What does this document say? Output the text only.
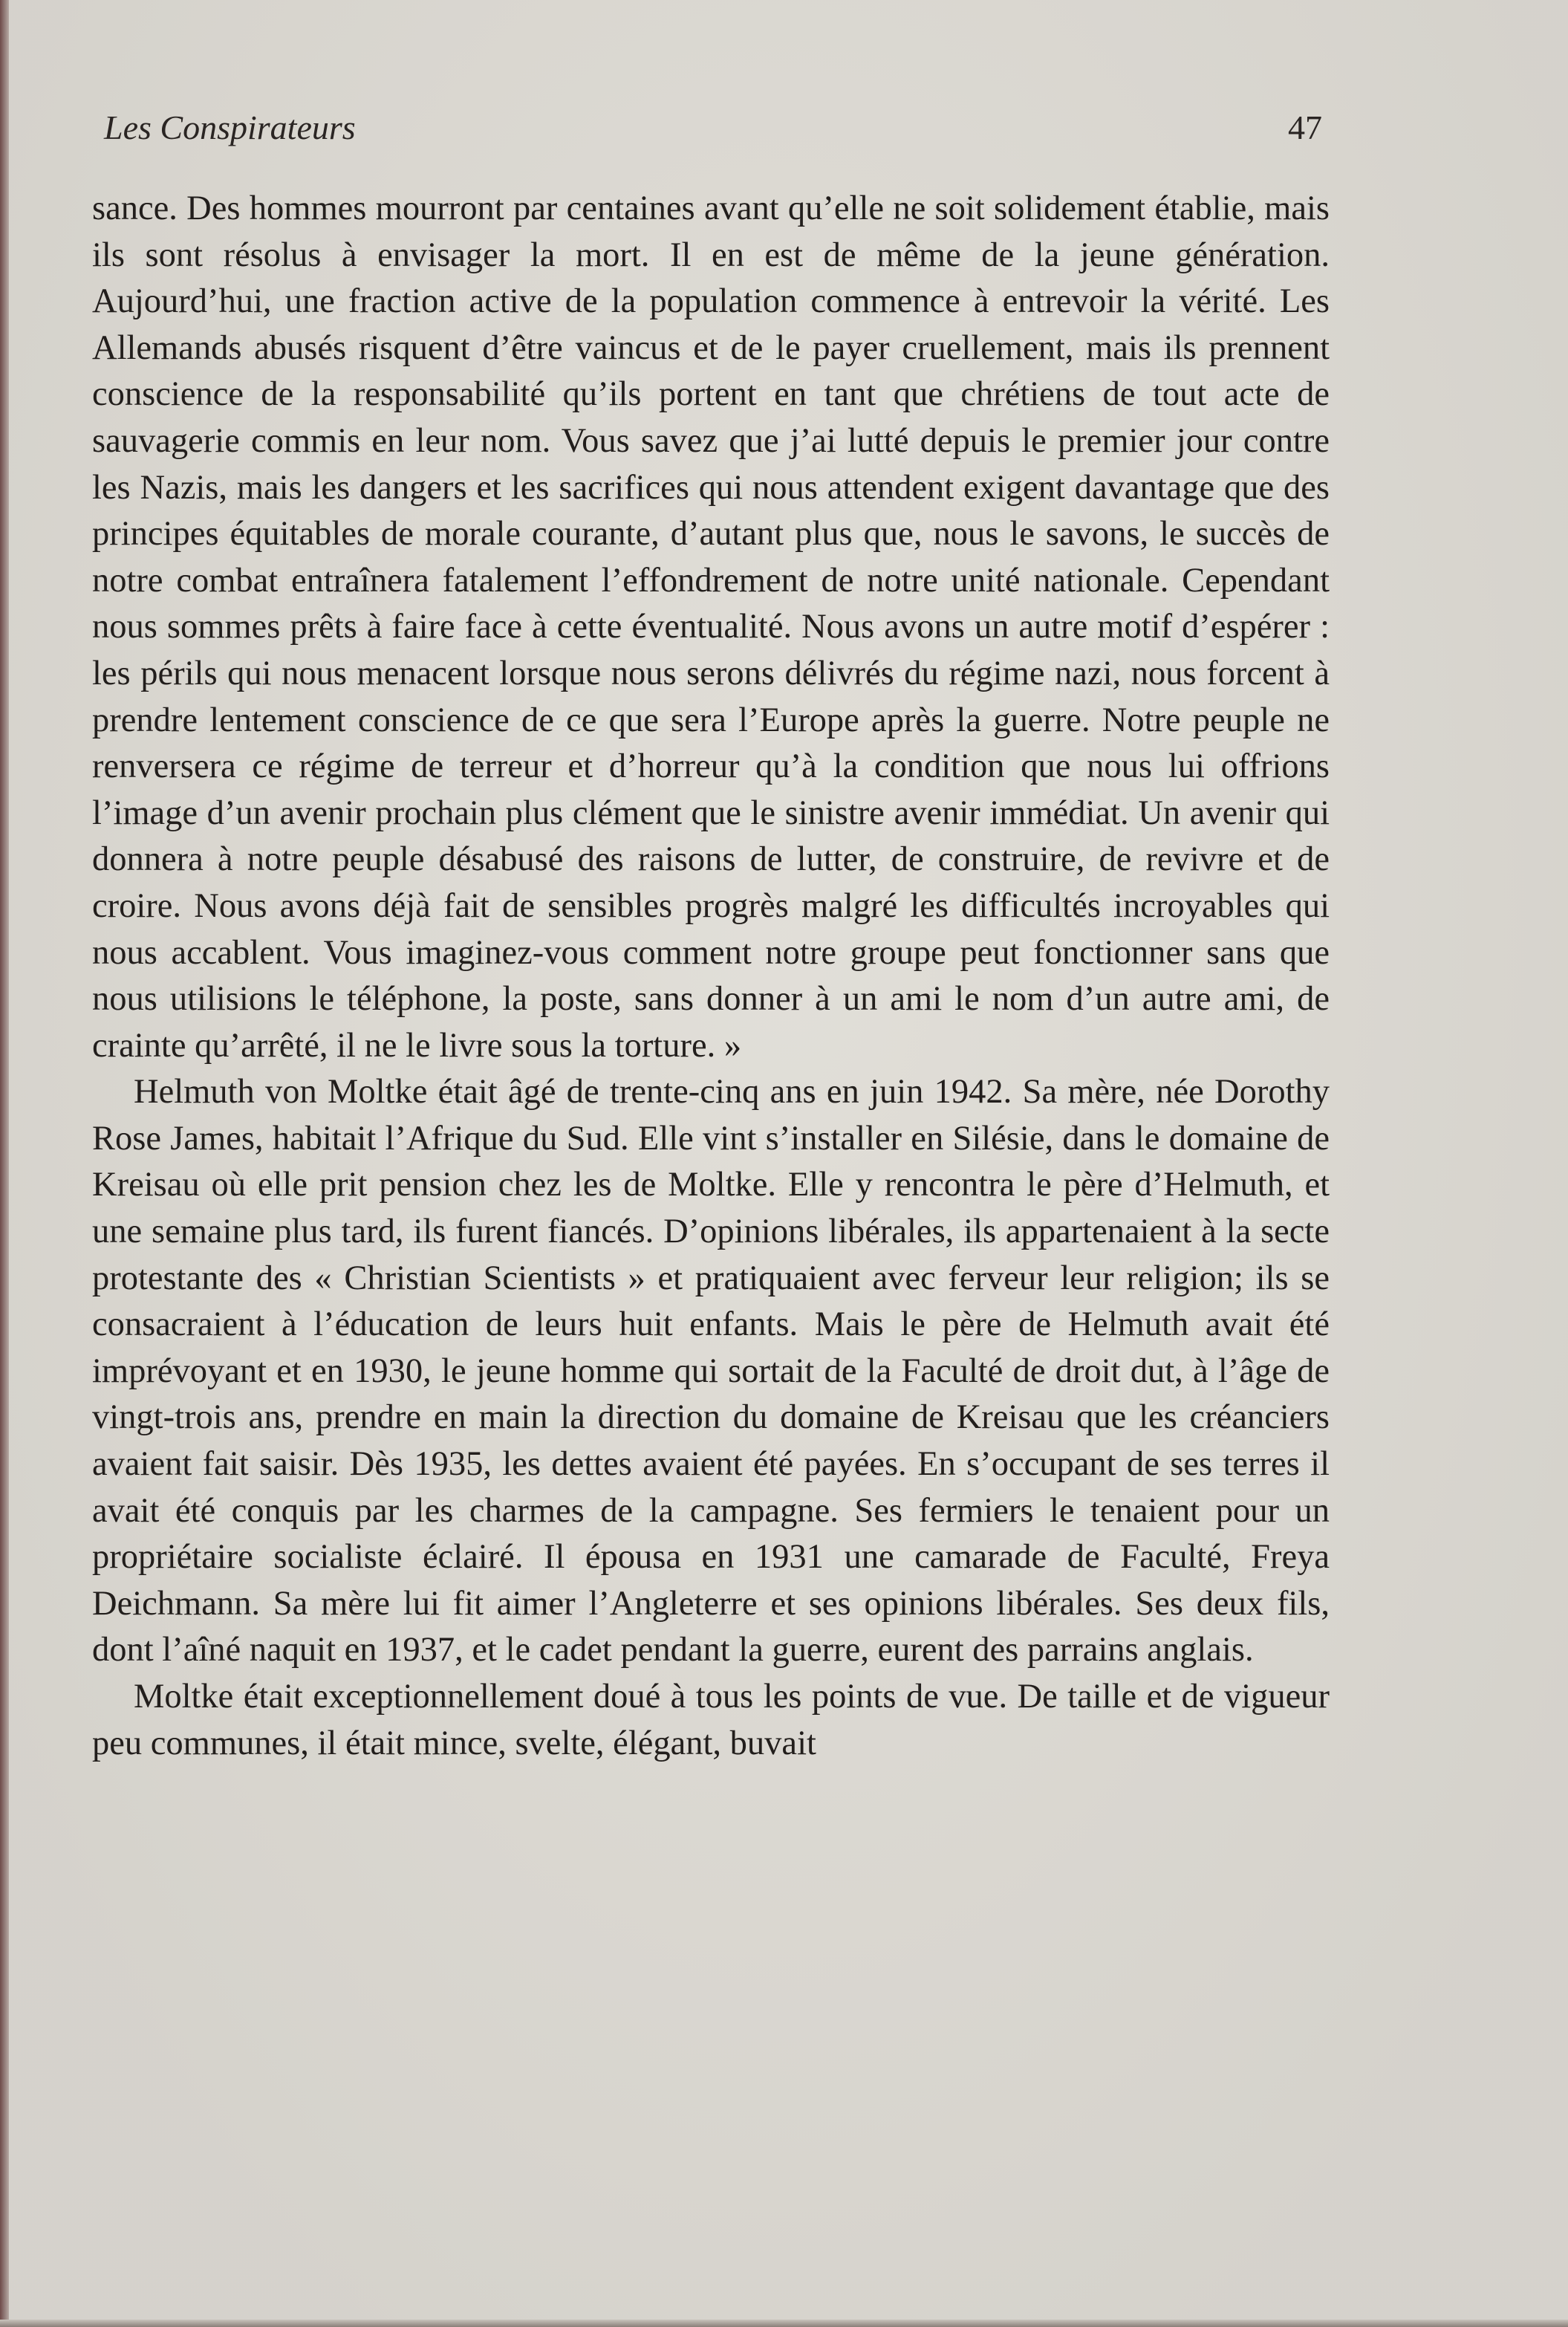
Les Conspirateurs	47

sance. Des hommes mourront par centaines avant qu’elle ne soit solidement établie, mais ils sont résolus à envisager la mort. Il en est de même de la jeune génération. Aujourd’hui, une fraction active de la population commence à entrevoir la vérité. Les Allemands abusés risquent d’être vaincus et de le payer cruellement, mais ils prennent conscience de la responsabilité qu’ils portent en tant que chrétiens de tout acte de sauvagerie commis en leur nom. Vous savez que j’ai lutté depuis le premier jour contre les Nazis, mais les dangers et les sacrifices qui nous attendent exigent davantage que des principes équitables de morale courante, d’autant plus que, nous le savons, le succès de notre combat entraînera fatalement l’effondrement de notre unité nationale. Cependant nous sommes prêts à faire face à cette éventualité. Nous avons un autre motif d’espérer : les périls qui nous menacent lorsque nous serons délivrés du régime nazi, nous forcent à prendre lentement conscience de ce que sera l’Europe après la guerre. Notre peuple ne renversera ce régime de terreur et d’horreur qu’à la condition que nous lui offrions l’image d’un avenir prochain plus clément que le sinistre avenir immédiat. Un avenir qui donnera à notre peuple désabusé des raisons de lutter, de construire, de revivre et de croire. Nous avons déjà fait de sensibles progrès malgré les difficultés incroyables qui nous accablent. Vous imaginez-vous comment notre groupe peut fonctionner sans que nous utilisions le téléphone, la poste, sans donner à un ami le nom d’un autre ami, de crainte qu’arrêté, il ne le livre sous la torture. »

Helmuth von Moltke était âgé de trente-cinq ans en juin 1942. Sa mère, née Dorothy Rose James, habitait l’Afrique du Sud. Elle vint s’installer en Silésie, dans le domaine de Kreisau où elle prit pension chez les de Moltke. Elle y rencontra le père d’Helmuth, et une semaine plus tard, ils furent fiancés. D’opinions libérales, ils appartenaient à la secte protestante des « Christian Scientists » et pratiquaient avec ferveur leur religion; ils se consacraient à l’éducation de leurs huit enfants. Mais le père de Helmuth avait été imprévoyant et en 1930, le jeune homme qui sortait de la Faculté de droit dut, à l’âge de vingt-trois ans, prendre en main la direction du domaine de Kreisau que les créanciers avaient fait saisir. Dès 1935, les dettes avaient été payées. En s’occupant de ses terres il avait été conquis par les charmes de la campagne. Ses fermiers le tenaient pour un propriétaire socialiste éclairé. Il épousa en 1931 une camarade de Faculté, Freya Deichmann. Sa mère lui fit aimer l’Angleterre et ses opinions libérales. Ses deux fils, dont l’aîné naquit en 1937, et le cadet pendant la guerre, eurent des parrains anglais.

Moltke était exceptionnellement doué à tous les points de vue. De taille et de vigueur peu communes, il était mince, svelte, élégant, buvait
